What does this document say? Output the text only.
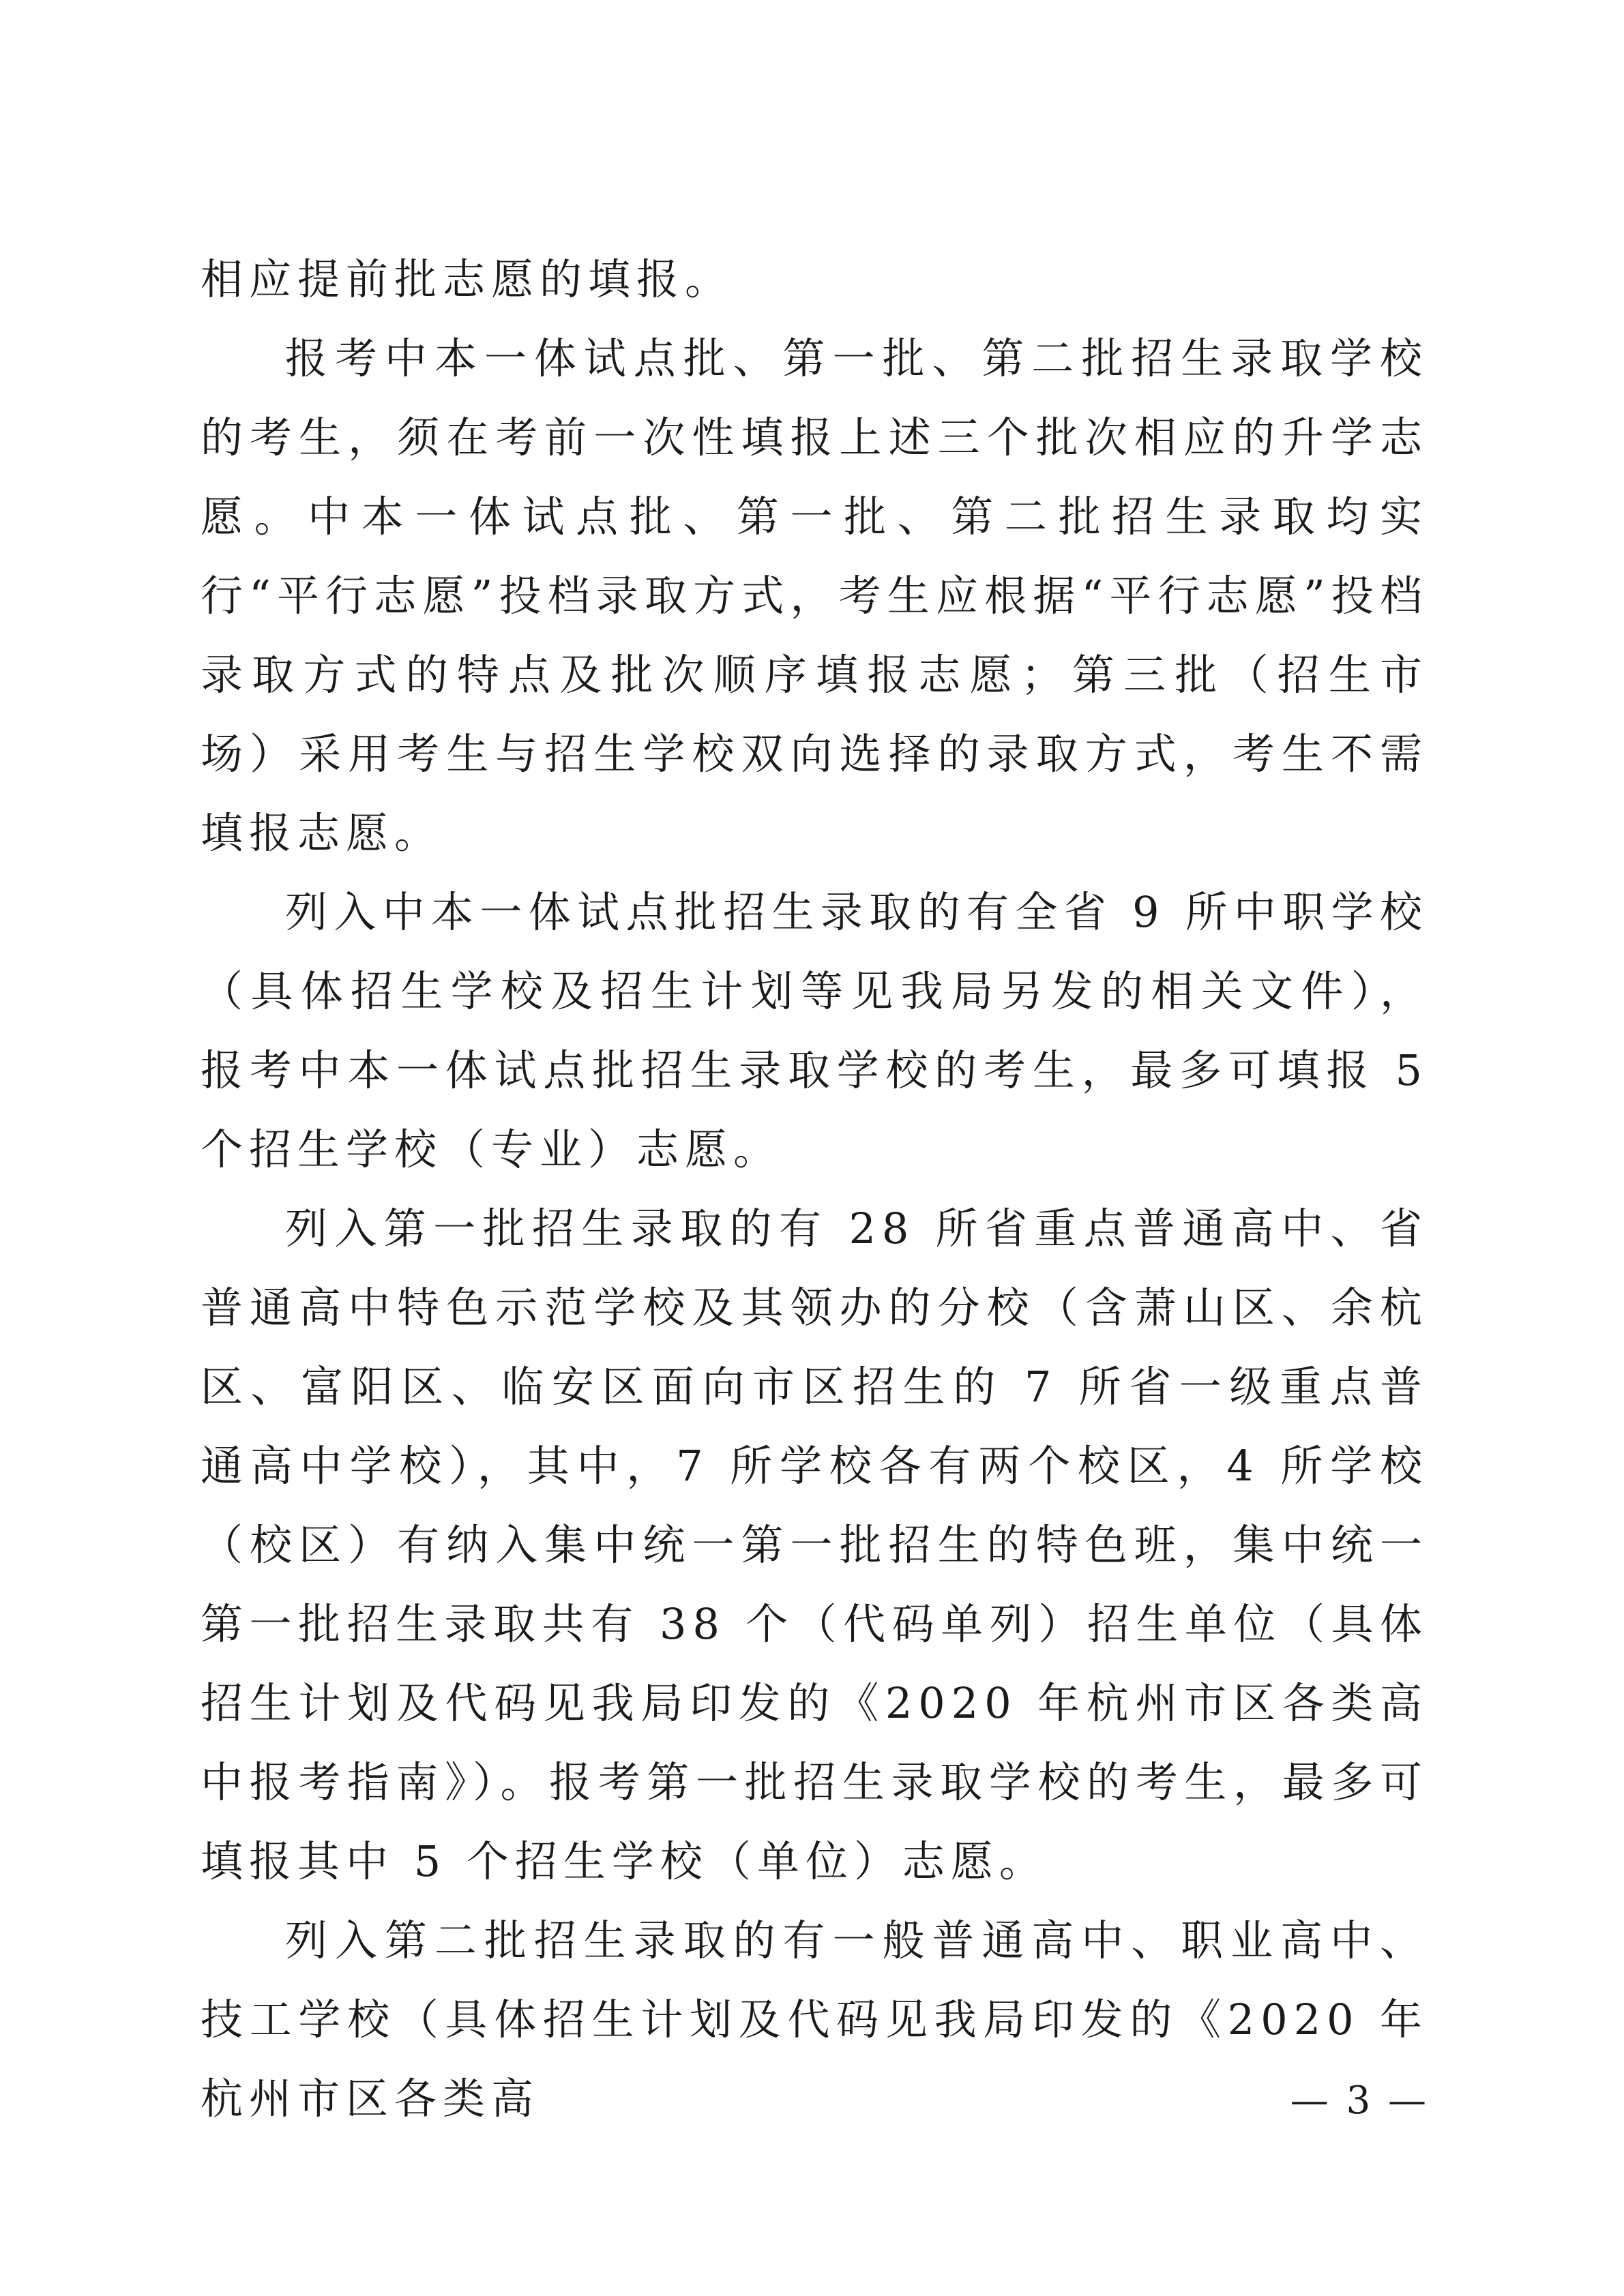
相应提前批志愿的填报。

报考中本一体试点批、第一批、第二批招生录取学校的考生，须在考前一次性填报上述三个批次相应的升学志愿。中本一体试点批、第一批、第二批招生录取均实行“平行志愿”投档录取方式，考生应根据“平行志愿”投档录取方式的特点及批次顺序填报志愿；第三批（招生市场）采用考生与招生学校双向选择的录取方式，考生不需填报志愿。

列入中本一体试点批招生录取的有全省 9 所中职学校（具体招生学校及招生计划等见我局另发的相关文件），报考中本一体试点批招生录取学校的考生，最多可填报 5 个招生学校（专业）志愿。

列入第一批招生录取的有 28 所省重点普通高中、省普通高中特色示范学校及其领办的分校（含萧山区、余杭区、富阳区、临安区面向市区招生的 7 所省一级重点普通高中学校），其中，7 所学校各有两个校区，4 所学校（校区）有纳入集中统一第一批招生的特色班，集中统一第一批招生录取共有 38 个（代码单列）招生单位（具体招生计划及代码见我局印发的《2020 年杭州市区各类高中报考指南》）。报考第一批招生录取学校的考生，最多可填报其中 5 个招生学校（单位）志愿。

列入第二批招生录取的有一般普通高中、职业高中、技工学校（具体招生计划及代码见我局印发的《2020 年杭州市区各类高	— 3 —
